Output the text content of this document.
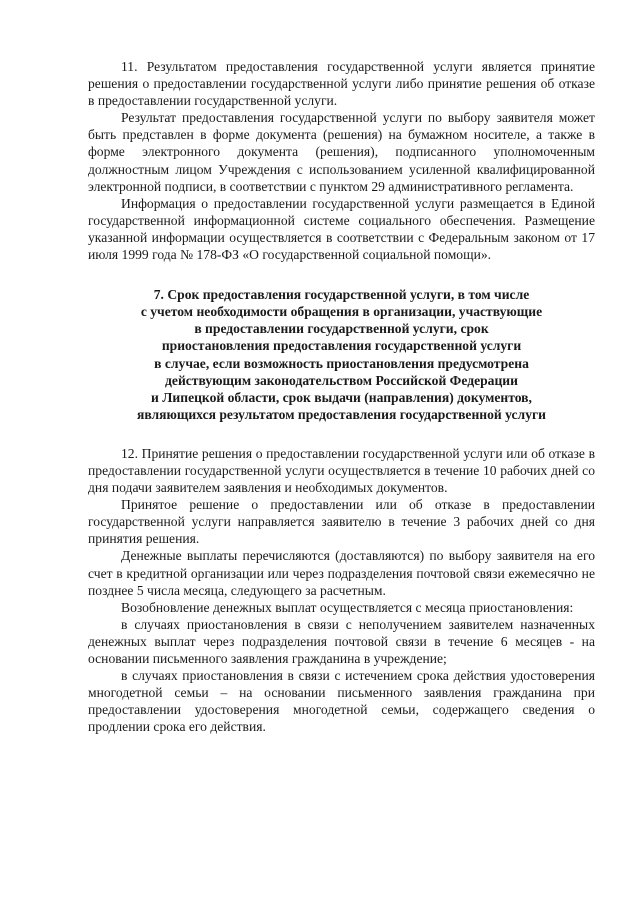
11. Результатом предоставления государственной услуги является принятие решения о предоставлении государственной услуги либо принятие решения об отказе в предоставлении государственной услуги.

Результат предоставления государственной услуги по выбору заявителя может быть представлен в форме документа (решения) на бумажном носителе, а также в форме электронного документа (решения), подписанного уполномоченным должностным лицом Учреждения с использованием усиленной квалифицированной электронной подписи, в соответствии с пунктом 29 административного регламента.

Информация о предоставлении государственной услуги размещается в Единой государственной информационной системе социального обеспечения. Размещение указанной информации осуществляется в соответствии с Федеральным законом от 17 июля 1999 года № 178-ФЗ «О государственной социальной помощи».

7. Срок предоставления государственной услуги, в том числе
с учетом необходимости обращения в организации, участвующие
в предоставлении государственной услуги, срок
приостановления предоставления государственной услуги
в случае, если возможность приостановления предусмотрена
действующим законодательством Российской Федерации
и Липецкой области, срок выдачи (направления) документов,
являющихся результатом предоставления государственной услуги

12. Принятие решения о предоставлении государственной услуги или об отказе в предоставлении государственной услуги осуществляется в течение 10 рабочих дней со дня подачи заявителем заявления и необходимых документов.

Принятое решение о предоставлении или об отказе в предоставлении государственной услуги направляется заявителю в течение 3 рабочих дней со дня принятия решения.

Денежные выплаты перечисляются (доставляются) по выбору заявителя на его счет в кредитной организации или через подразделения почтовой связи ежемесячно не позднее 5 числа месяца, следующего за расчетным.

Возобновление денежных выплат осуществляется с месяца приостановления:

в случаях приостановления в связи с неполучением заявителем назначенных денежных выплат через подразделения почтовой связи в течение 6 месяцев - на основании письменного заявления гражданина в учреждение;

в случаях приостановления в связи с истечением срока действия удостоверения многодетной семьи – на основании письменного заявления гражданина при предоставлении удостоверения многодетной семьи, содержащего сведения о продлении срока его действия.
